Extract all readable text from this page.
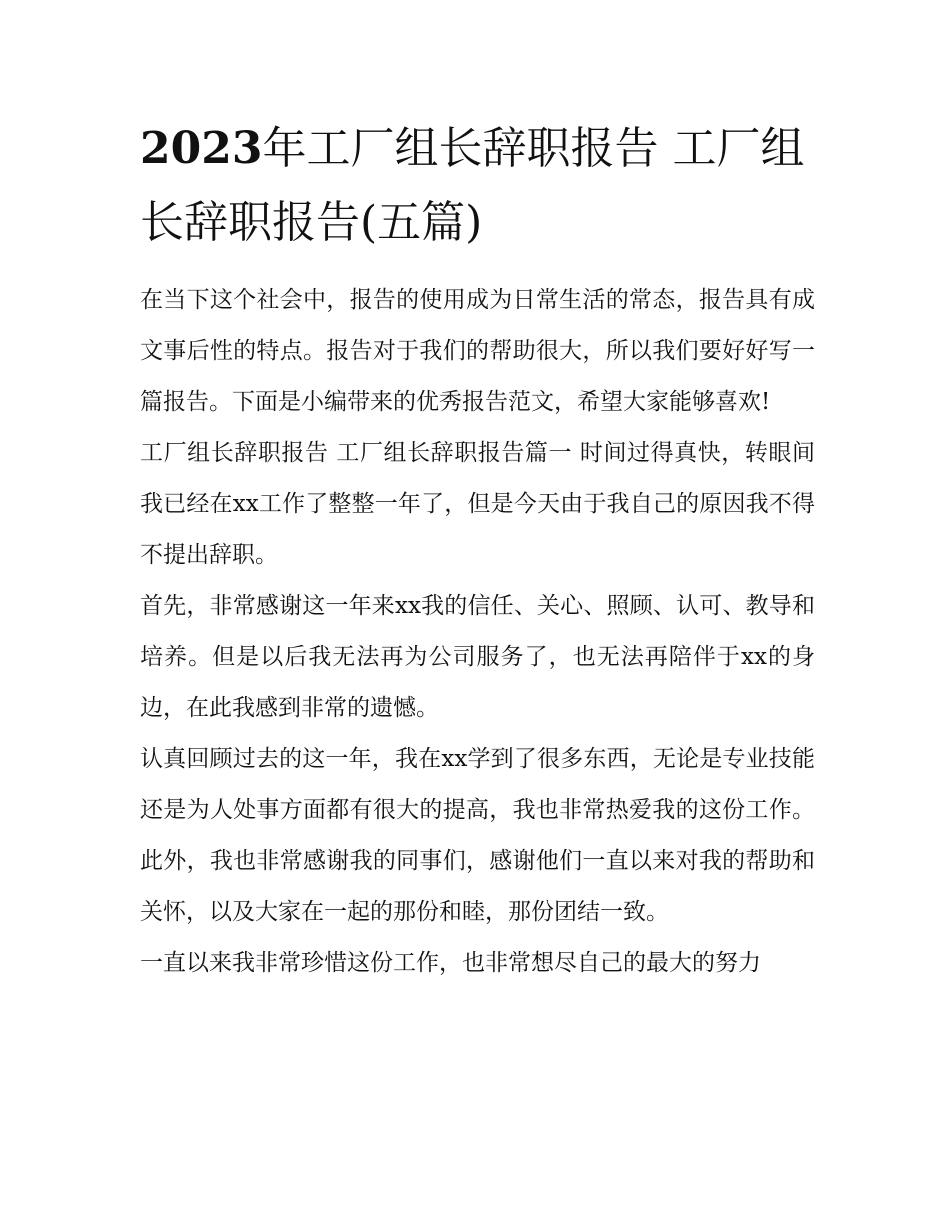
2023年工厂组长辞职报告 工厂组长辞职报告(五篇)

在当下这个社会中，报告的使用成为日常生活的常态，报告具有成文事后性的特点。报告对于我们的帮助很大，所以我们要好好写一篇报告。下面是小编带来的优秀报告范文，希望大家能够喜欢!

工厂组长辞职报告 工厂组长辞职报告篇一 时间过得真快，转眼间我已经在xx工作了整整一年了，但是今天由于我自己的原因我不得不提出辞职。

首先，非常感谢这一年来xx我的信任、关心、照顾、认可、教导和培养。但是以后我无法再为公司服务了，也无法再陪伴于xx的身边，在此我感到非常的遗憾。

认真回顾过去的这一年，我在xx学到了很多东西，无论是专业技能还是为人处事方面都有很大的提高，我也非常热爱我的这份工作。此外，我也非常感谢我的同事们，感谢他们一直以来对我的帮助和关怀，以及大家在一起的那份和睦，那份团结一致。

一直以来我非常珍惜这份工作，也非常想尽自己的最大的努力
